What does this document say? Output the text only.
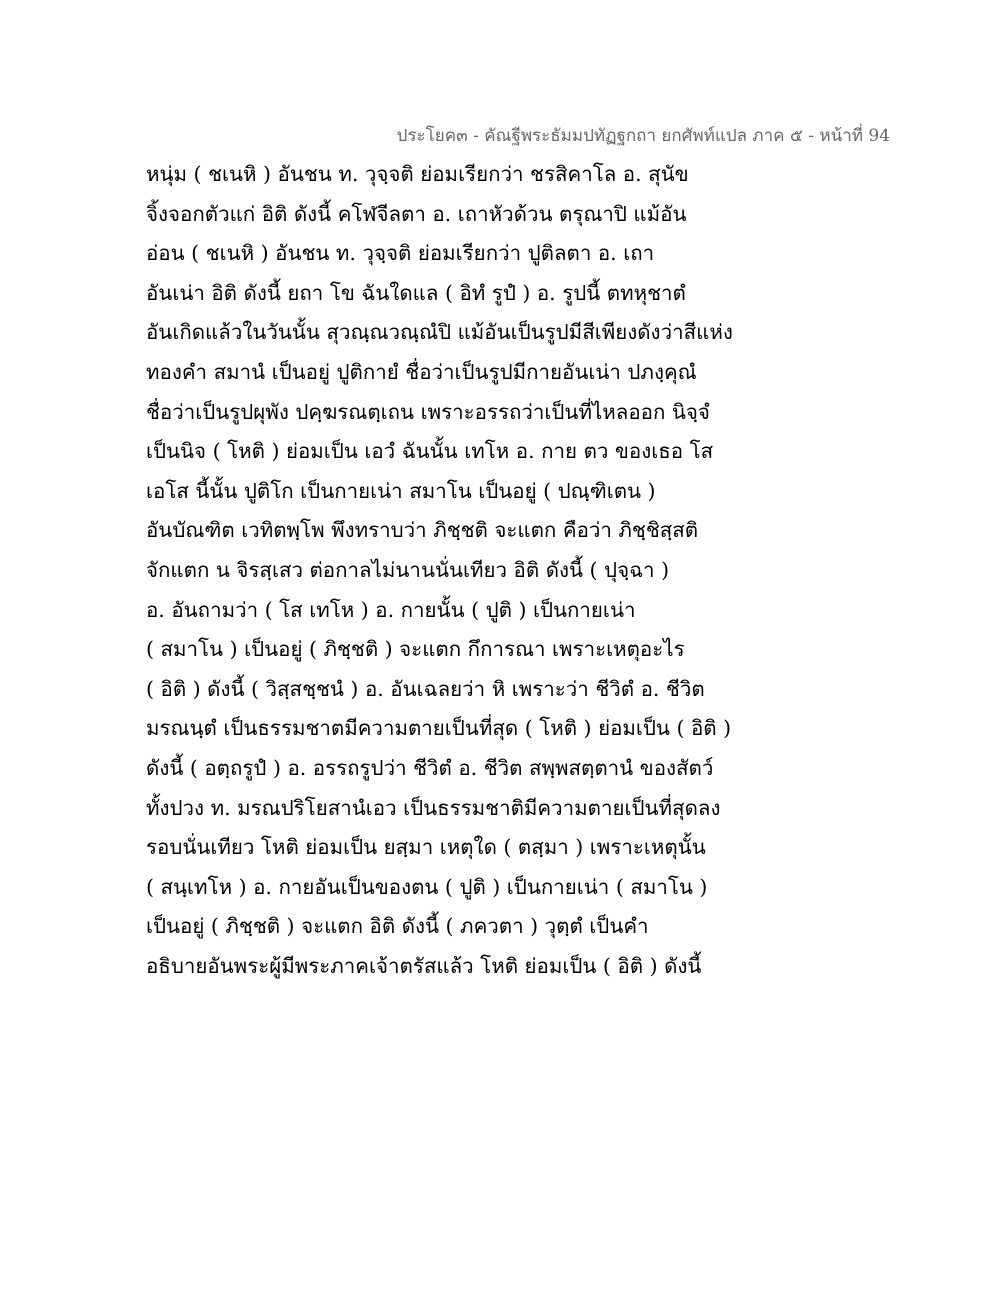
ประโยค๓ - คัณฐีพระธัมมปทัฏฐกถา ยกศัพท์แปล ภาค ๕ - หน้าที่ 94
หนุ่ม ( ชเนหิ ) อันชน ท. วุจฺจติ ย่อมเรียกว่า ชรสิคาโล อ. สุนัข
จิ้งจอกตัวแก่ อิติ ดังนี้ คโฬจีลตา อ. เถาหัวด้วน ตรุณาปิ แม้อัน
อ่อน ( ชเนหิ ) อันชน ท. วุจฺจติ ย่อมเรียกว่า ปูติลตา อ. เถา
อันเน่า อิติ ดังนี้ ยถา โข ฉันใดแล ( อิทํ รูปํ ) อ. รูปนี้ ตทหุชาตํ
อันเกิดแล้วในวันนั้น สุวณฺณวณฺณํปิ แม้อันเป็นรูปมีสีเพียงดังว่าสีแห่ง
ทองคำ สมานํ เป็นอยู่ ปูติกายํ ชื่อว่าเป็นรูปมีกายอันเน่า ปภงฺคุณํ
ชื่อว่าเป็นรูปผุพัง ปคฺฆรณตฺเถน เพราะอรรถว่าเป็นที่ไหลออก นิจฺจํ
เป็นนิจ ( โหติ ) ย่อมเป็น เอวํ ฉันนั้น เทโห อ. กาย ตว ของเธอ โส
เอโส นี้นั้น ปูติโก เป็นกายเน่า สมาโน เป็นอยู่ ( ปณฺฑิเตน )
อันบัณฑิต เวทิตพฺโพ พึงทราบว่า ภิชฺชติ จะแตก คือว่า ภิชฺชิสฺสติ
จักแตก น จิรสฺเสว ต่อกาลไม่นานนั่นเทียว อิติ ดังนี้ ( ปุจฺฉา )
อ. อันถามว่า ( โส เทโห ) อ. กายนั้น ( ปูติ ) เป็นกายเน่า
( สมาโน ) เป็นอยู่ ( ภิชฺชติ ) จะแตก กึการณา เพราะเหตุอะไร
( อิติ ) ดังนี้ ( วิสฺสชฺชนํ ) อ. อันเฉลยว่า หิ เพราะว่า ชีวิตํ อ. ชีวิต
มรณนฺตํ เป็นธรรมชาตมีความตายเป็นที่สุด ( โหติ ) ย่อมเป็น ( อิติ )
ดังนี้ ( อตฺถรูปํ ) อ. อรรถรูปว่า ชีวิตํ อ. ชีวิต สพฺพสตฺตานํ ของสัตว์
ทั้งปวง ท. มรณปริโยสานํเอว เป็นธรรมชาติมีความตายเป็นที่สุดลง
รอบนั่นเทียว โหติ ย่อมเป็น ยสฺมา เหตุใด ( ตสฺมา ) เพราะเหตุนั้น
( สนฺเทโห ) อ. กายอันเป็นของตน ( ปูติ ) เป็นกายเน่า ( สมาโน )
เป็นอยู่ ( ภิชฺชติ ) จะแตก อิติ ดังนี้ ( ภควตา ) วุตฺตํ เป็นคำ
อธิบายอันพระผู้มีพระภาคเจ้าตรัสแล้ว โหติ ย่อมเป็น ( อิติ ) ดังนี้
